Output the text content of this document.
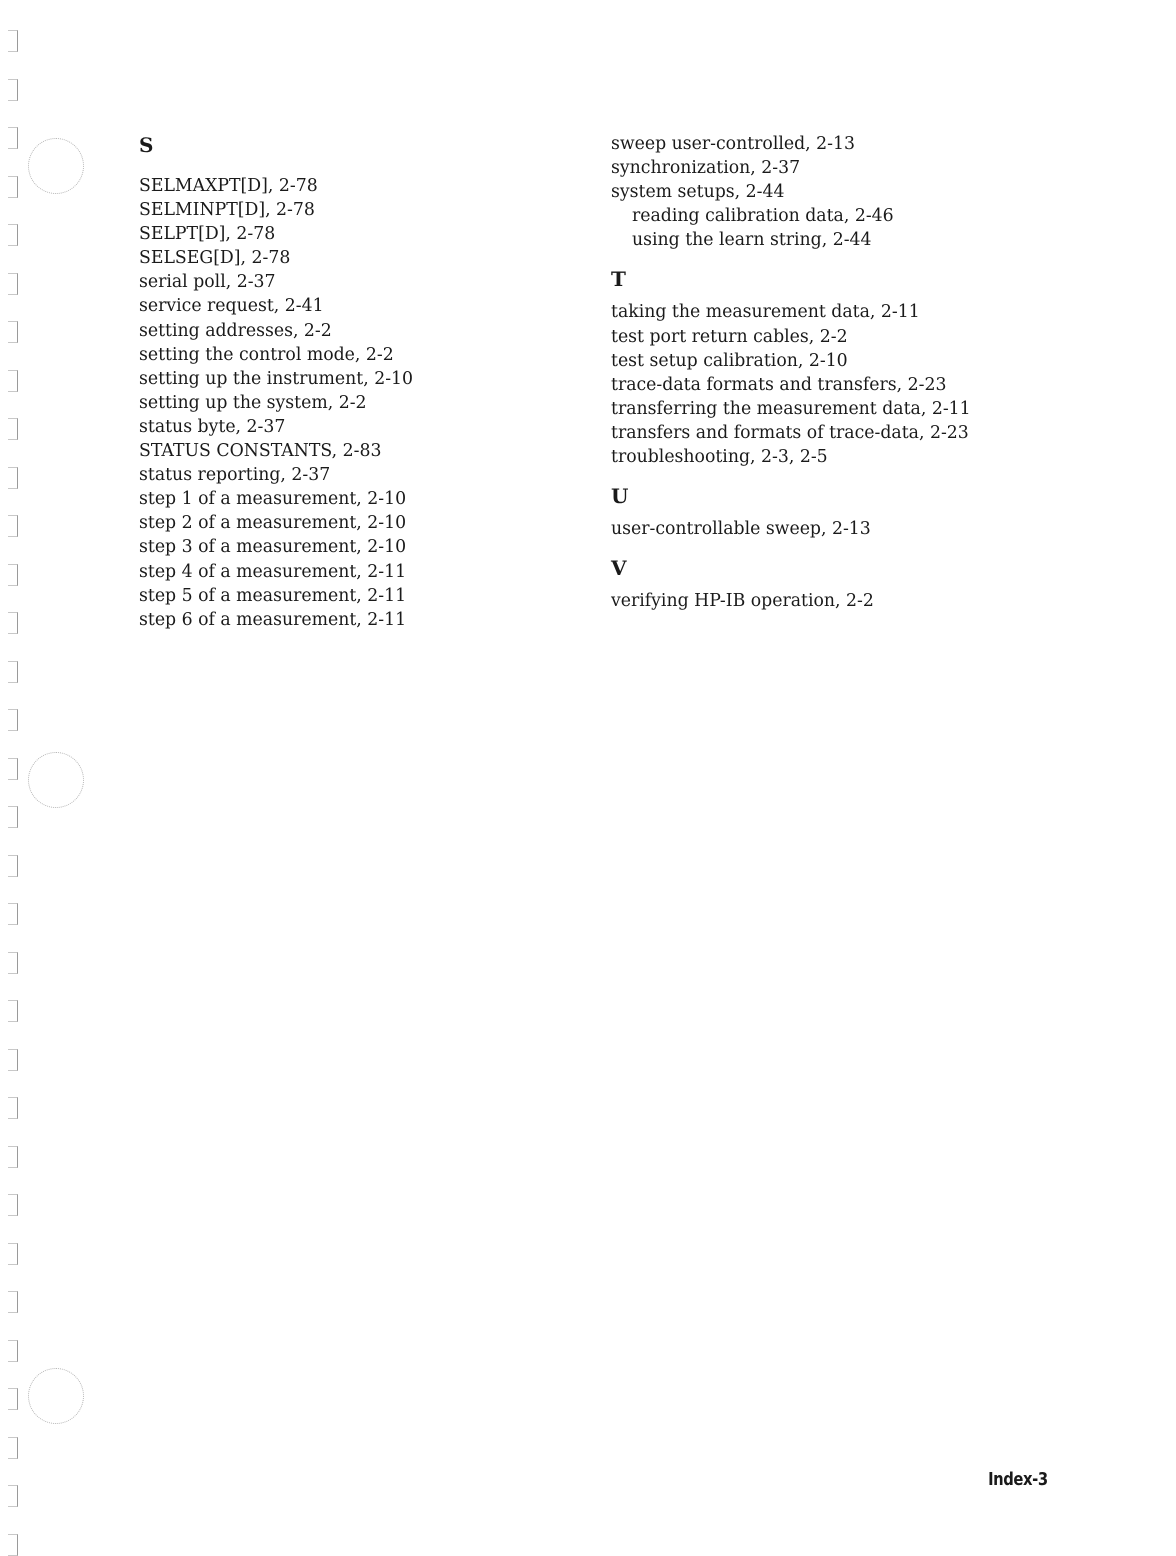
S
SELMAXPT[D], 2-78
SELMINPT[D], 2-78
SELPT[D], 2-78
SELSEG[D], 2-78
serial poll, 2-37
service request, 2-41
setting addresses, 2-2
setting the control mode, 2-2
setting up the instrument, 2-10
setting up the system, 2-2
status byte, 2-37
STATUS CONSTANTS, 2-83
status reporting, 2-37
step 1 of a measurement, 2-10
step 2 of a measurement, 2-10
step 3 of a measurement, 2-10
step 4 of a measurement, 2-11
step 5 of a measurement, 2-11
step 6 of a measurement, 2-11
sweep user-controlled, 2-13
synchronization, 2-37
system setups, 2-44
reading calibration data, 2-46
using the learn string, 2-44
T
taking the measurement data, 2-11
test port return cables, 2-2
test setup calibration, 2-10
trace-data formats and transfers, 2-23
transferring the measurement data, 2-11
transfers and formats of trace-data, 2-23
troubleshooting, 2-3, 2-5
U
user-controllable sweep, 2-13
V
verifying HP-IB operation, 2-2
Index-3
